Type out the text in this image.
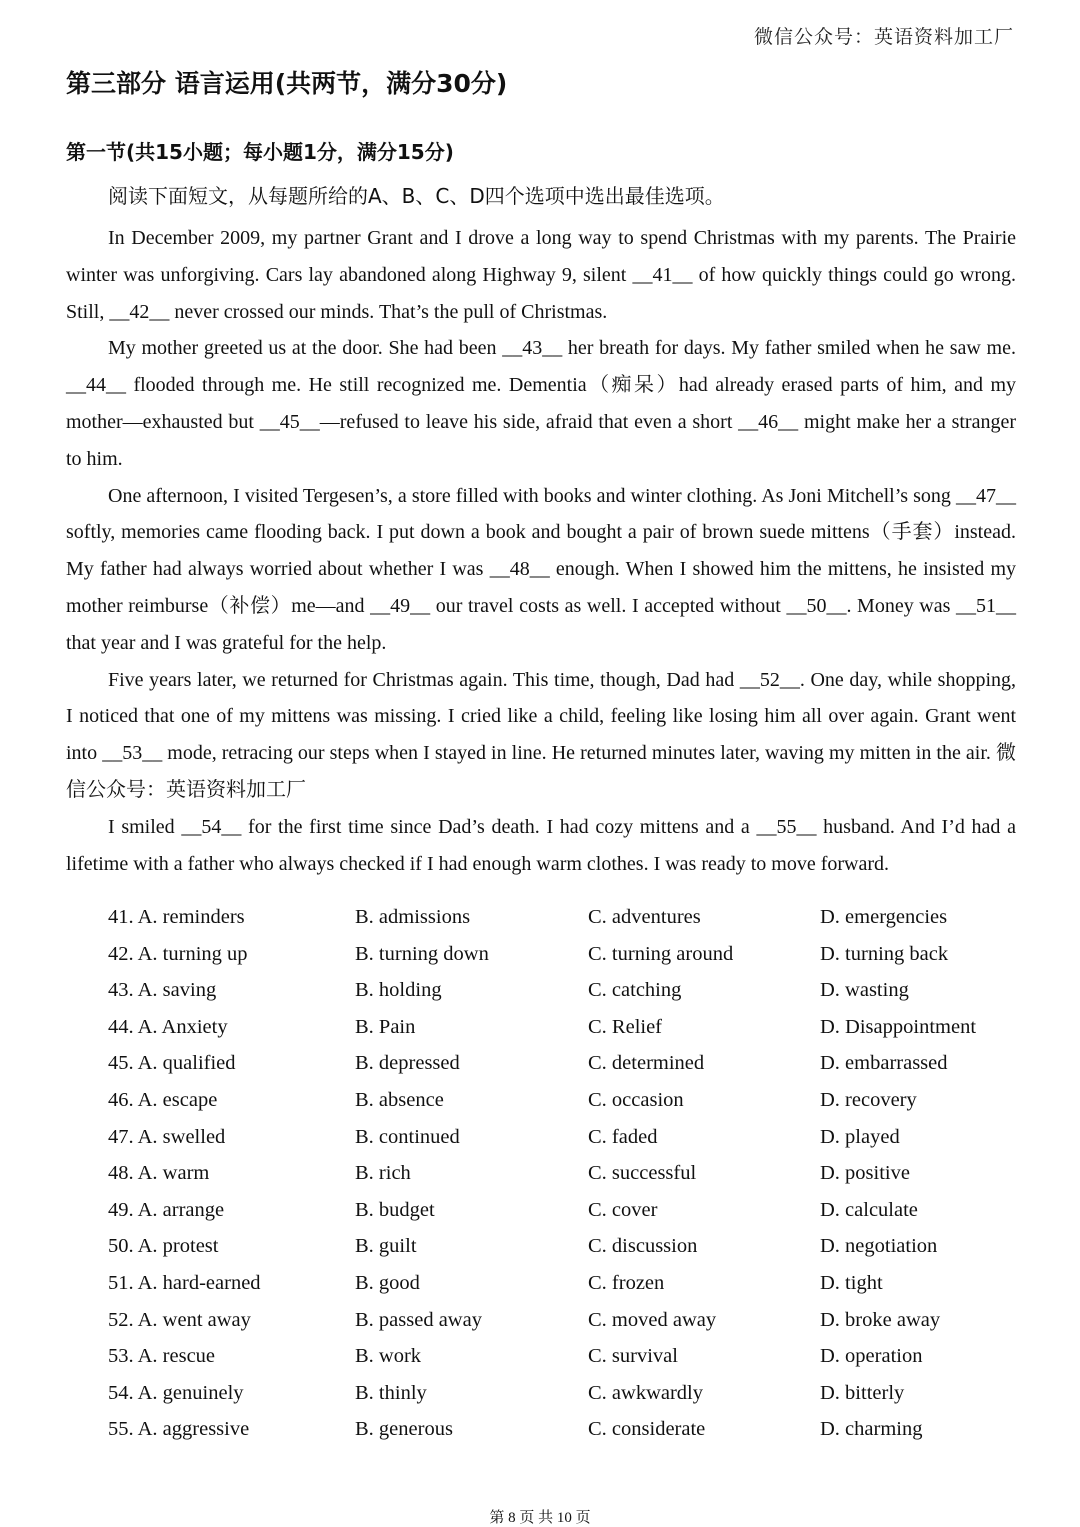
微信公众号：英语资料加工厂
第三部分 语言运用(共两节，满分30分)
第一节(共15小题；每小题1分，满分15分)
阅读下面短文，从每题所给的A、B、C、D四个选项中选出最佳选项。

In December 2009, my partner Grant and I drove a long way to spend Christmas with my parents. The Prairie winter was unforgiving. Cars lay abandoned along Highway 9, silent __41__ of how quickly things could go wrong. Still, __42__ never crossed our minds. That’s the pull of Christmas.

My mother greeted us at the door. She had been __43__ her breath for days. My father smiled when he saw me. __44__ flooded through me. He still recognized me. Dementia（痴呆）had already erased parts of him, and my mother—exhausted but __45__—refused to leave his side, afraid that even a short __46__ might make her a stranger to him.

One afternoon, I visited Tergesen’s, a store filled with books and winter clothing. As Joni Mitchell’s song __47__ softly, memories came flooding back. I put down a book and bought a pair of brown suede mittens（手套）instead. My father had always worried about whether I was __48__ enough. When I showed him the mittens, he insisted my mother reimburse（补偿）me—and __49__ our travel costs as well. I accepted without __50__. Money was __51__ that year and I was grateful for the help.

Five years later, we returned for Christmas again. This time, though, Dad had __52__. One day, while shopping, I noticed that one of my mittens was missing. I cried like a child, feeling like losing him all over again. Grant went into __53__ mode, retracing our steps when I stayed in line. He returned minutes later, waving my mitten in the air. 微信公众号：英语资料加工厂

I smiled __54__ for the first time since Dad’s death. I had cozy mittens and a __55__ husband. And I’d had a lifetime with a father who always checked if I had enough warm clothes. I was ready to move forward.

41. A. reminders	B. admissions	C. adventures	D. emergencies
42. A. turning up	B. turning down	C. turning around	D. turning back
43. A. saving	B. holding	C. catching	D. wasting
44. A. Anxiety	B. Pain	C. Relief	D. Disappointment
45. A. qualified	B. depressed	C. determined	D. embarrassed
46. A. escape	B. absence	C. occasion	D. recovery
47. A. swelled	B. continued	C. faded	D. played
48. A. warm	B. rich	C. successful	D. positive
49. A. arrange	B. budget	C. cover	D. calculate
50. A. protest	B. guilt	C. discussion	D. negotiation
51. A. hard-earned	B. good	C. frozen	D. tight
52. A. went away	B. passed away	C. moved away	D. broke away
53. A. rescue	B. work	C. survival	D. operation
54. A. genuinely	B. thinly	C. awkwardly	D. bitterly
55. A. aggressive	B. generous	C. considerate	D. charming
第 8 页 共 10 页
